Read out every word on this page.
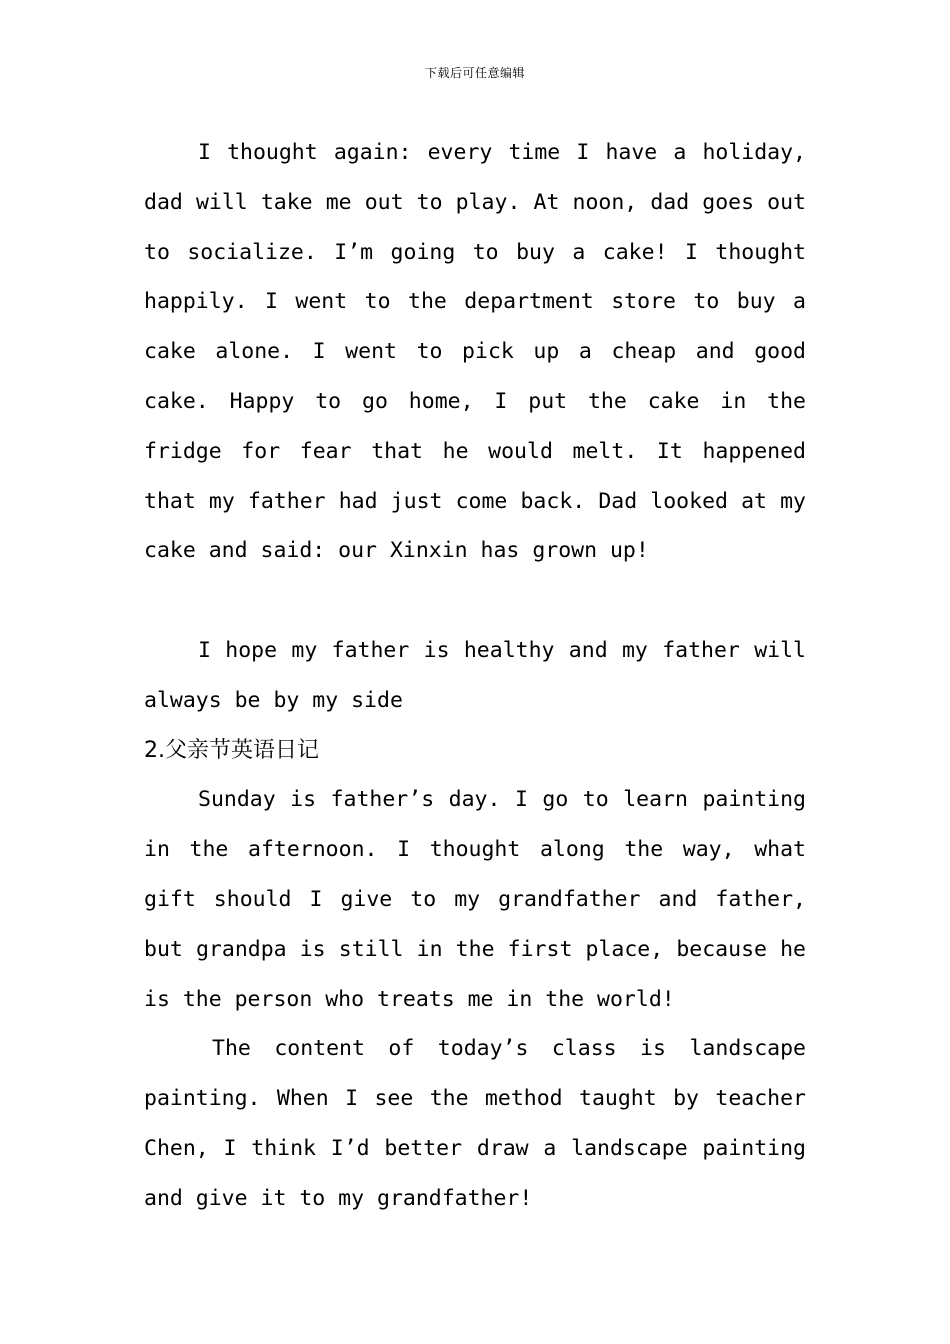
下载后可任意编辑

I thought again: every time I have a holiday, dad will take me out to play. At noon, dad goes out to socialize. I’m going to buy a cake! I thought happily. I went to the department store to buy a cake alone. I went to pick up a cheap and good cake. Happy to go home, I put the cake in the fridge for fear that he would melt. It happened that my father had just come back. Dad looked at my cake and said: our Xinxin has grown up!

I hope my father is healthy and my father will always be by my side

2.父亲节英语日记

Sunday is father’s day. I go to learn painting in the afternoon. I thought along the way, what gift should I give to my grandfather and father, but grandpa is still in the first place, because he is the person who treats me in the world!

The content of today’s class is landscape painting. When I see the method taught by teacher Chen, I think I’d better draw a landscape painting and give it to my grandfather!
